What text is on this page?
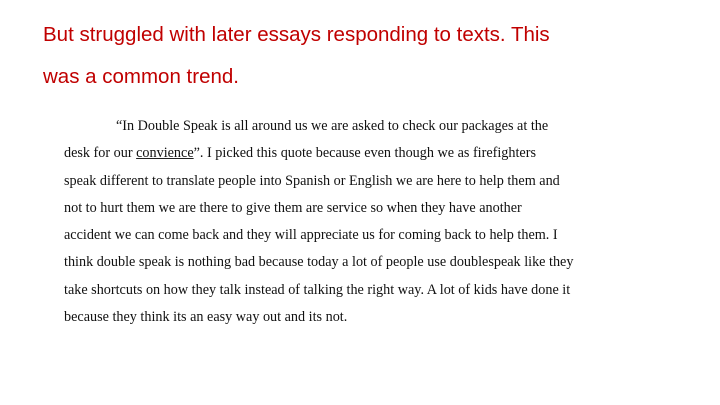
But struggled with later essays responding to texts. This
was a common trend.
“In Double Speak is all around us we are asked to check our packages at the
desk for our convience”. I picked this quote because even though we as firefighters
speak different to translate people into Spanish or English we are here to help them and
not to hurt them we are there to give them are service so when they have another
accident we can come back and they will appreciate us for coming back to help them. I
think double speak is nothing bad because today a lot of people use doublespeak like they
take shortcuts on how they talk instead of talking the right way. A lot of kids have done it
because they think its an easy way out and its not.
